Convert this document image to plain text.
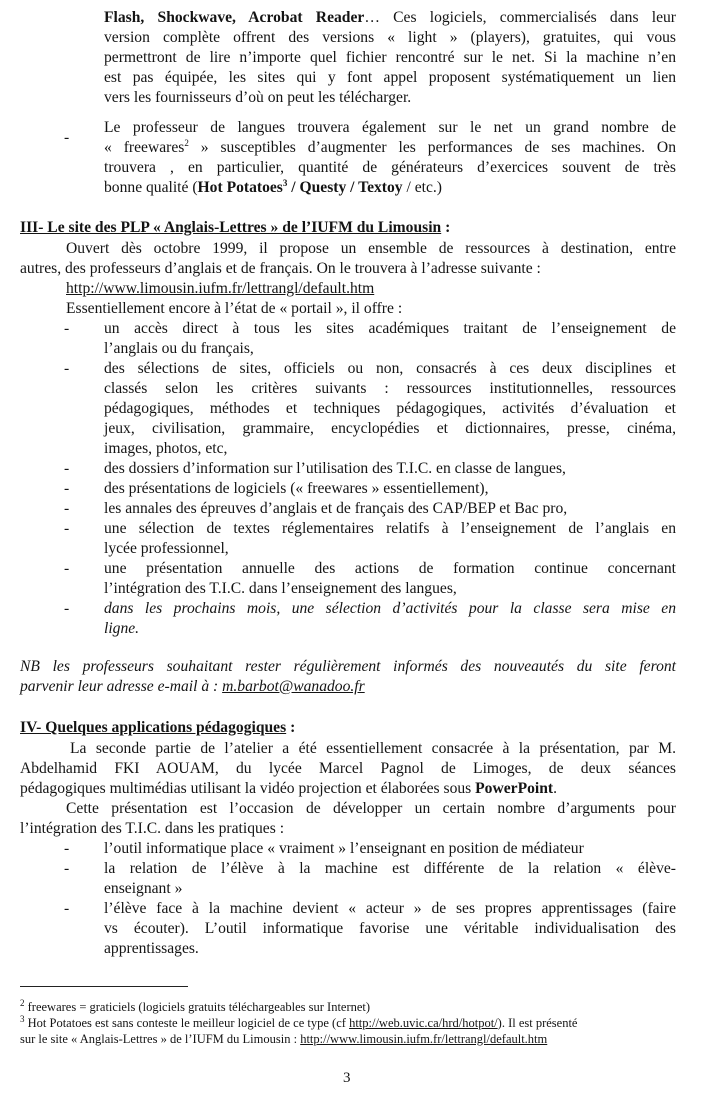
Flash, Shockwave, Acrobat Reader… Ces logiciels, commercialisés dans leur
version complète offrent des versions « light » (players), gratuites, qui vous
permettront de lire n’importe quel fichier rencontré sur le net. Si la machine n’en
est pas équipée, les sites qui y font appel proposent systématiquement un lien
vers les fournisseurs d’où on peut les télécharger.
-
Le professeur de langues trouvera également sur le net un grand nombre de
« freewares$^2$ » susceptibles d’augmenter les performances de ses machines. On
trouvera , en particulier, quantité de générateurs d’exercices souvent de très
bonne qualité (Hot Potatoes$^3$ / Questy / Textoy / etc.)
III- Le site des PLP « Anglais-Lettres » de l’IUFM du Limousin :
Ouvert dès octobre 1999, il propose un ensemble de ressources à destination, entre
autres, des professeurs d’anglais et de français. On le trouvera à l’adresse suivante :
http://www.limousin.iufm.fr/lettrangl/default.htm
Essentiellement encore à l’état de « portail », il offre :
-	un accès direct à tous les sites académiques traitant de l’enseignement de
l’anglais ou du français,
-	des sélections de sites, officiels ou non, consacrés à ces deux disciplines et
classés selon les critères suivants : ressources institutionnelles, ressources
pédagogiques, méthodes et techniques pédagogiques, activités d’évaluation et
jeux, civilisation, grammaire, encyclopédies et dictionnaires, presse, cinéma,
images, photos, etc,
-	des dossiers d’information sur l’utilisation des T.I.C. en classe de langues,
-	des présentations de logiciels (« freewares » essentiellement),
-	les annales des épreuves d’anglais et de français des CAP/BEP et Bac pro,
-	une sélection de textes réglementaires relatifs à l’enseignement de l’anglais en
lycée professionnel,
-	une présentation annuelle des actions de formation continue concernant
l’intégration des T.I.C. dans l’enseignement des langues,
-	dans les prochains mois, une sélection d’activités pour la classe sera mise en
ligne.
NB les professeurs souhaitant rester régulièrement informés des nouveautés du site feront
parvenir leur adresse e-mail à : m.barbot@wanadoo.fr
IV- Quelques applications pédagogiques :
La seconde partie de l’atelier a été essentiellement consacrée à la présentation, par M.
Abdelhamid FKI AOUAM, du lycée Marcel Pagnol de Limoges, de deux séances
pédagogiques multimédias utilisant la vidéo projection et élaborées sous PowerPoint.
Cette présentation est l’occasion de développer un certain nombre d’arguments pour
l’intégration des T.I.C. dans les pratiques :
-	l’outil informatique place « vraiment » l’enseignant en position de médiateur
-	la relation de l’élève à la machine est différente de la relation « élève-
enseignant »
-	l’élève face à la machine devient « acteur » de ses propres apprentissages (faire
vs écouter). L’outil informatique favorise une véritable individualisation des
apprentissages.
$^2$ freewares = graticiels (logiciels gratuits téléchargeables sur Internet)
$^3$ Hot Potatoes est sans conteste le meilleur logiciel de ce type (cf http://web.uvic.ca/hrd/hotpot/). Il est présenté
sur le site « Anglais-Lettres » de l’IUFM du Limousin : http://www.limousin.iufm.fr/lettrangl/default.htm
3
